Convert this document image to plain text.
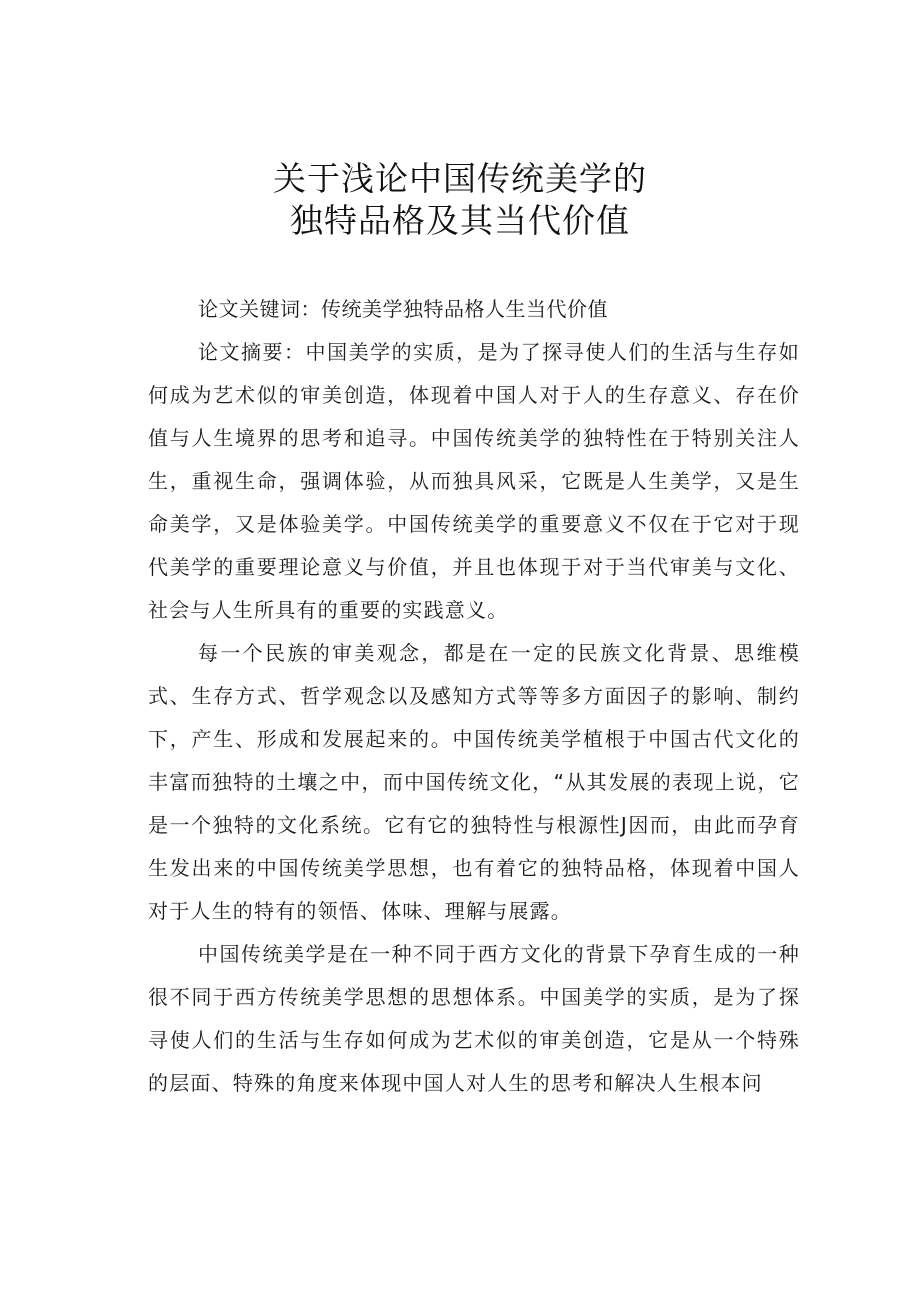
关于浅论中国传统美学的
独特品格及其当代价值

论文关键词：传统美学独特品格人生当代价值

论文摘要：中国美学的实质，是为了探寻使人们的生活与生存如何成为艺术似的审美创造，体现着中国人对于人的生存意义、存在价值与人生境界的思考和追寻。中国传统美学的独特性在于特别关注人生，重视生命，强调体验，从而独具风采，它既是人生美学，又是生命美学，又是体验美学。中国传统美学的重要意义不仅在于它对于现代美学的重要理论意义与价值，并且也体现于对于当代审美与文化、社会与人生所具有的重要的实践意义。

每一个民族的审美观念，都是在一定的民族文化背景、思维模式、生存方式、哲学观念以及感知方式等等多方面因子的影响、制约下，产生、形成和发展起来的。中国传统美学植根于中国古代文化的丰富而独特的土壤之中，而中国传统文化，“从其发展的表现上说，它是一个独特的文化系统。它有它的独特性与根源性J因而，由此而孕育生发出来的中国传统美学思想，也有着它的独特品格，体现着中国人对于人生的特有的领悟、体味、理解与展露。

中国传统美学是在一种不同于西方文化的背景下孕育生成的一种很不同于西方传统美学思想的思想体系。中国美学的实质，是为了探寻使人们的生活与生存如何成为艺术似的审美创造，它是从一个特殊的层面、特殊的角度来体现中国人对人生的思考和解决人生根本问
